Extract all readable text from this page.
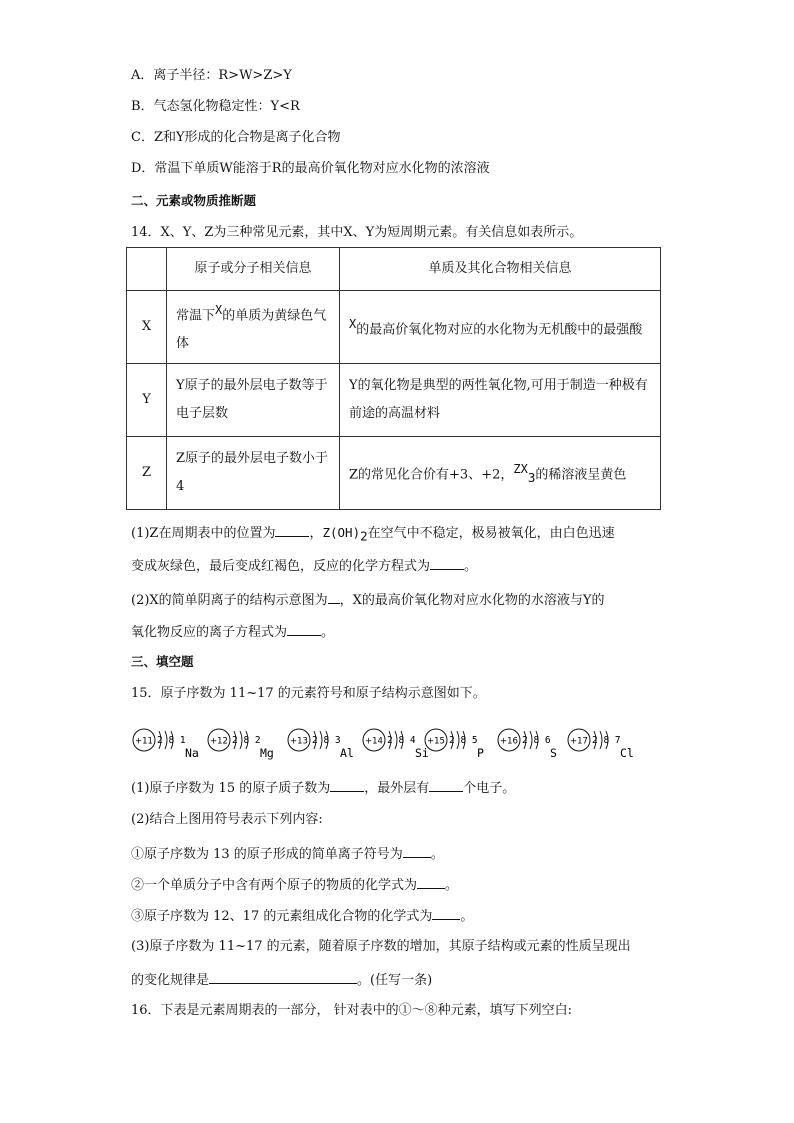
A．离子半径：R>W>Z>Y
B．气态氢化物稳定性：Y<R
C．Z和Y形成的化合物是离子化合物
D．常温下单质W能溶于R的最高价氧化物对应水化物的浓溶液
二、元素或物质推断题
14．X、Y、Z为三种常见元素，其中X、Y为短周期元素。有关信息如表所示。
	原子或分子相关信息	单质及其化合物相关信息
X	常温下X的单质为黄绿色气体	X的最高价氧化物对应的水化物为无机酸中的最强酸
Y	Y原子的最外层电子数等于电子层数	Y的氧化物是典型的两性氧化物,可用于制造一种极有前途的高温材料
Z	Z原子的最外层电子数小于4	Z的常见化合价有+3、+2，$ZX_3$的稀溶液呈黄色
(1)Z在周期表中的位置为	，$Z(OH)_2$在空气中不稳定，极易被氧化，由白色迅速
变成灰绿色，最后变成红褐色，反应的化学方程式为	。
(2)X的简单阴离子的结构示意图为 ，X的最高价氧化物对应水化物的水溶液与Y的
氧化物反应的离子方程式为	。
三、填空题
15．原子序数为 11~17 的元素符号和原子结构示意图如下。
+11 2 8 1
Na
+12 2 8 2
Mg
+13 2 8 3
Al
+14 2 8 4
Si
+15 2 8 5
P
+16 2 8 6
S
+17 2 8 7
Cl
(1)原子序数为 15 的原子质子数为	，最外层有	个电子。
(2)结合上图用符号表示下列内容:
①原子序数为 13 的原子形成的简单离子符号为 。
②一个单质分子中含有两个原子的物质的化学式为 。
③原子序数为 12、17 的元素组成化合物的化学式为 。
(3)原子序数为 11~17 的元素，随着原子序数的增加，其原子结构或元素的性质呈现出
的变化规律是	。(任写一条)
16．下表是元素周期表的一部分， 针对表中的①～⑧种元素，填写下列空白:
